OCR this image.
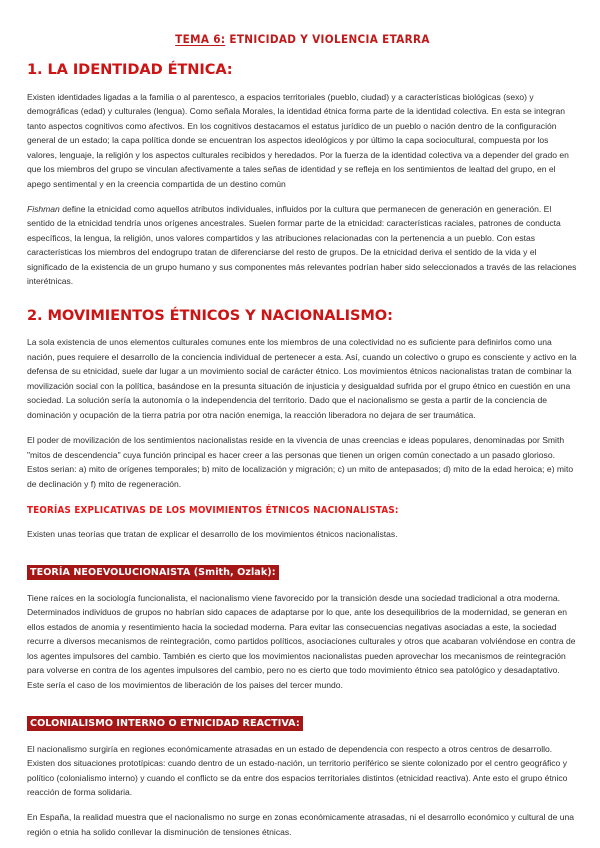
TEMA 6: ETNICIDAD Y VIOLENCIA ETARRA
1. LA IDENTIDAD ÉTNICA:

Existen identidades ligadas a la familia o al parentesco, a espacios territoriales (pueblo, ciudad) y a características biológicas (sexo) y demográficas (edad) y culturales (lengua). Como señala Morales, la identidad étnica forma parte de la identidad colectiva. En esta se integran tanto aspectos cognitivos como afectivos. En los cognitivos destacamos el estatus jurídico de un pueblo o nación dentro de la configuración general de un estado; la capa política donde se encuentran los aspectos ideológicos y por último la capa sociocultural, compuesta por los valores, lenguaje, la religión y los aspectos culturales recibidos y heredados. Por la fuerza de la identidad colectiva va a depender del grado en que los miembros del grupo se vinculan afectivamente a tales señas de identidad y se refleja en los sentimientos de lealtad del grupo, en el apego sentimental y en la creencia compartida de un destino común

Fishman define la etnicidad como aquellos atributos individuales, influidos por la cultura que permanecen de generación en generación. El sentido de la etnicidad tendría unos orígenes ancestrales. Suelen formar parte de la etnicidad: características raciales, patrones de conducta específicos, la lengua, la religión, unos valores compartidos y las atribuciones relacionadas con la pertenencia a un pueblo. Con estas características los miembros del endogrupo tratan de diferenciarse del resto de grupos. De la etnicidad deriva el sentido de la vida y el significado de la existencia de un grupo humano y sus componentes más relevantes podrían haber sido seleccionados a través de las relaciones interétnicas.

2. MOVIMIENTOS ÉTNICOS Y NACIONALISMO:

La sola existencia de unos elementos culturales comunes ente los miembros de una colectividad no es suficiente para definirlos como una nación, pues requiere el desarrollo de la conciencia individual de pertenecer a esta. Así, cuando un colectivo o grupo es consciente y activo en la defensa de su etnicidad, suele dar lugar a un movimiento social de carácter étnico. Los movimientos étnicos nacionalistas tratan de combinar la movilización social con la política, basándose en la presunta situación de injusticia y desigualdad sufrida por el grupo étnico en cuestión en una sociedad. La solución sería la autonomía o la independencia del territorio. Dado que el nacionalismo se gesta a partir de la conciencia de dominación y ocupación de la tierra patria por otra nación enemiga, la reacción liberadora no dejara de ser traumática.

El poder de movilización de los sentimientos nacionalistas reside en la vivencia de unas creencias e ideas populares, denominadas por Smith "mitos de descendencia" cuya función principal es hacer creer a las personas que tienen un origen común conectado a un pasado glorioso. Estos serian: a) mito de orígenes temporales; b) mito de localización y migración; c) un mito de antepasados; d) mito de la edad heroica; e) mito de declinación y f) mito de regeneración.

TEORÍAS EXPLICATIVAS DE LOS MOVIMIENTOS ÉTNICOS NACIONALISTAS:

Existen unas teorías que tratan de explicar el desarrollo de los movimientos étnicos nacionalistas.

TEORÍA NEOEVOLUCIONAISTA (Smith, Ozlak):

Tiene raíces en la sociología funcionalista, el nacionalismo viene favorecido por la transición desde una sociedad tradicional a otra moderna. Determinados individuos de grupos no habrían sido capaces de adaptarse por lo que, ante los desequilibrios de la modernidad, se generan en ellos estados de anomia y resentimiento hacia la sociedad moderna. Para evitar las consecuencias negativas asociadas a este, la sociedad recurre a diversos mecanismos de reintegración, como partidos políticos, asociaciones culturales y otros que acabaran volviéndose en contra de los agentes impulsores del cambio. También es cierto que los movimientos nacionalistas pueden aprovechar los mecanismos de reintegración para volverse en contra de los agentes impulsores del cambio, pero no es cierto que todo movimiento étnico sea patológico y desadaptativo. Este sería el caso de los movimientos de liberación de los paises del tercer mundo.

COLONIALISMO INTERNO O ETNICIDAD REACTIVA:

El nacionalismo surgiría en regiones económicamente atrasadas en un estado de dependencia con respecto a otros centros de desarrollo. Existen dos situaciones prototípicas: cuando dentro de un estado-nación, un territorio periférico se siente colonizado por el centro geográfico y político (colonialismo interno) y cuando el conflicto se da entre dos espacios territoriales distintos (etnicidad reactiva). Ante esto el grupo étnico reacción de forma solidaria.

En España, la realidad muestra que el nacionalismo no surge en zonas económicamente atrasadas, ni el desarrollo económico y cultural de una región o etnia ha solido conllevar la disminución de tensiones étnicas.
